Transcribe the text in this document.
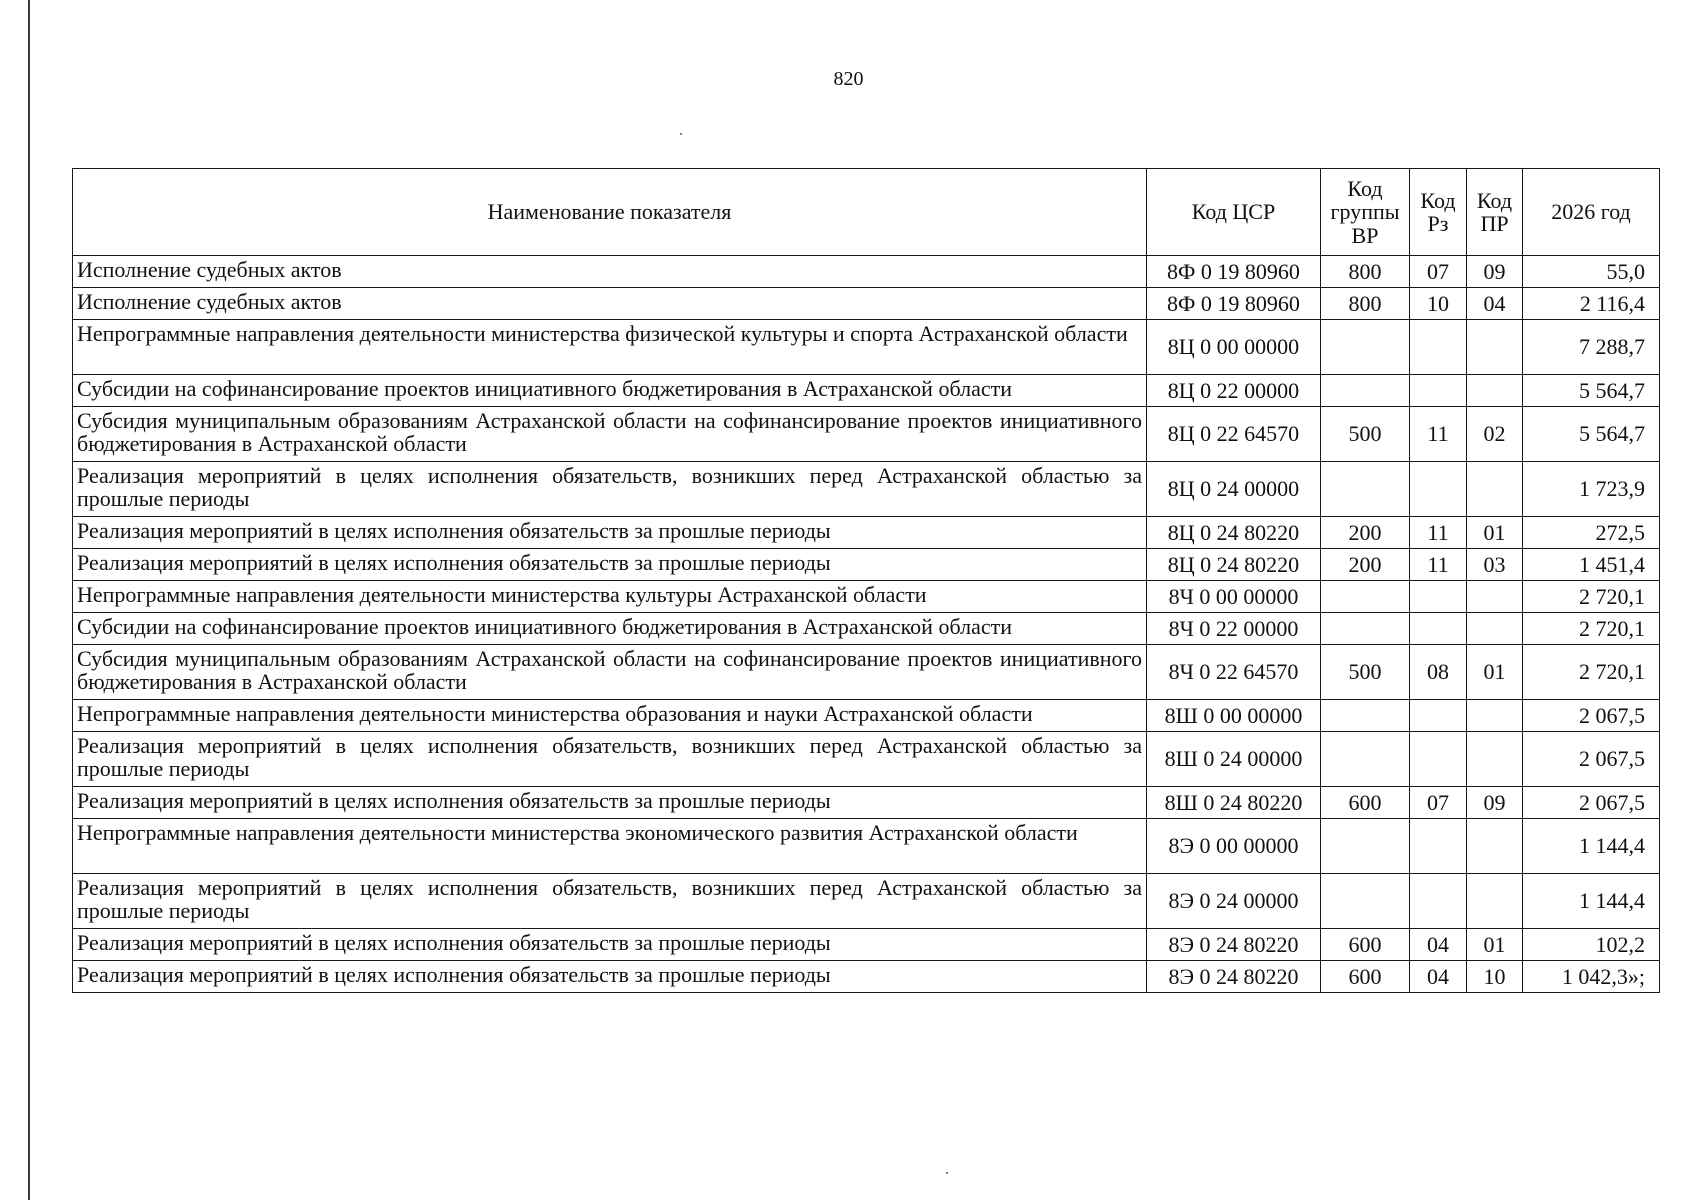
820
Наименование показателя	Код ЦСР	Код группы ВР	Код Рз	Код ПР	2026 год
Исполнение судебных актов	8Ф 0 19 80960	800	07	09	55,0
Исполнение судебных актов	8Ф 0 19 80960	800	10	04	2 116,4
Непрограммные направления деятельности министерства физической культуры и спорта Астраханской области	8Ц 0 00 00000				7 288,7
Субсидии на софинансирование проектов инициативного бюджетирования в Астраханской области	8Ц 0 22 00000				5 564,7
Субсидия муниципальным образованиям Астраханской области на софинансирование проектов инициативного бюджетирования в Астраханской области	8Ц 0 22 64570	500	11	02	5 564,7
Реализация мероприятий в целях исполнения обязательств, возникших перед Астраханской областью за прошлые периоды	8Ц 0 24 00000				1 723,9
Реализация мероприятий в целях исполнения обязательств за прошлые периоды	8Ц 0 24 80220	200	11	01	272,5
Реализация мероприятий в целях исполнения обязательств за прошлые периоды	8Ц 0 24 80220	200	11	03	1 451,4
Непрограммные направления деятельности министерства культуры Астраханской области	8Ч 0 00 00000				2 720,1
Субсидии на софинансирование проектов инициативного бюджетирования в Астраханской области	8Ч 0 22 00000				2 720,1
Субсидия муниципальным образованиям Астраханской области на софинансирование проектов инициативного бюджетирования в Астраханской области	8Ч 0 22 64570	500	08	01	2 720,1
Непрограммные направления деятельности министерства образования и науки Астраханской области	8Ш 0 00 00000				2 067,5
Реализация мероприятий в целях исполнения обязательств, возникших перед Астраханской областью за прошлые периоды	8Ш 0 24 00000				2 067,5
Реализация мероприятий в целях исполнения обязательств за прошлые периоды	8Ш 0 24 80220	600	07	09	2 067,5
Непрограммные направления деятельности министерства экономического развития Астраханской области	8Э 0 00 00000				1 144,4
Реализация мероприятий в целях исполнения обязательств, возникших перед Астраханской областью за прошлые периоды	8Э 0 24 00000				1 144,4
Реализация мероприятий в целях исполнения обязательств за прошлые периоды	8Э 0 24 80220	600	04	01	102,2
Реализация мероприятий в целях исполнения обязательств за прошлые периоды	8Э 0 24 80220	600	04	10	1 042,3»;
